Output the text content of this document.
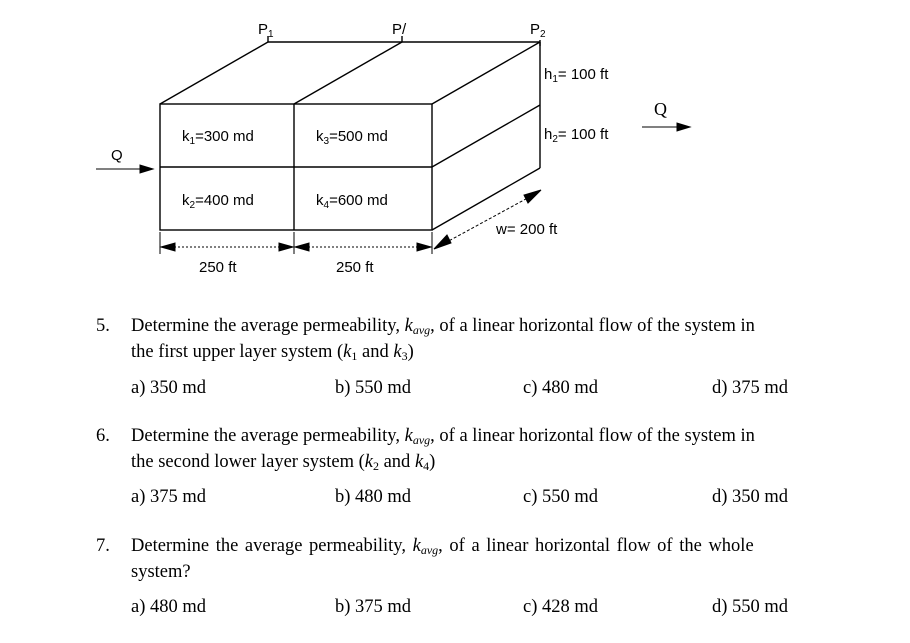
$P_1$	P/	$P_2$
$k_1=300$ md	$k_3=500$ md
$k_2=400$ md	$k_4=600$ md
$h_1= 100$ ft
$h_2= 100$ ft
w= 200 ft
250 ft	250 ft
Q
Q
5. Determine the average permeability, kavg, of a linear horizontal flow of the system in
the first upper layer system (k1 and k3)
a) 350 md	b) 550 md	c) 480 md	d) 375 md
6. Determine the average permeability, kavg, of a linear horizontal flow of the system in
the second lower layer system (k2 and k4)
a) 375 md	b) 480 md	c) 550 md	d) 350 md
7. Determine the average permeability, kavg, of a linear horizontal flow of the whole
system?
a) 480 md	b) 375 md	c) 428 md	d) 550 md
